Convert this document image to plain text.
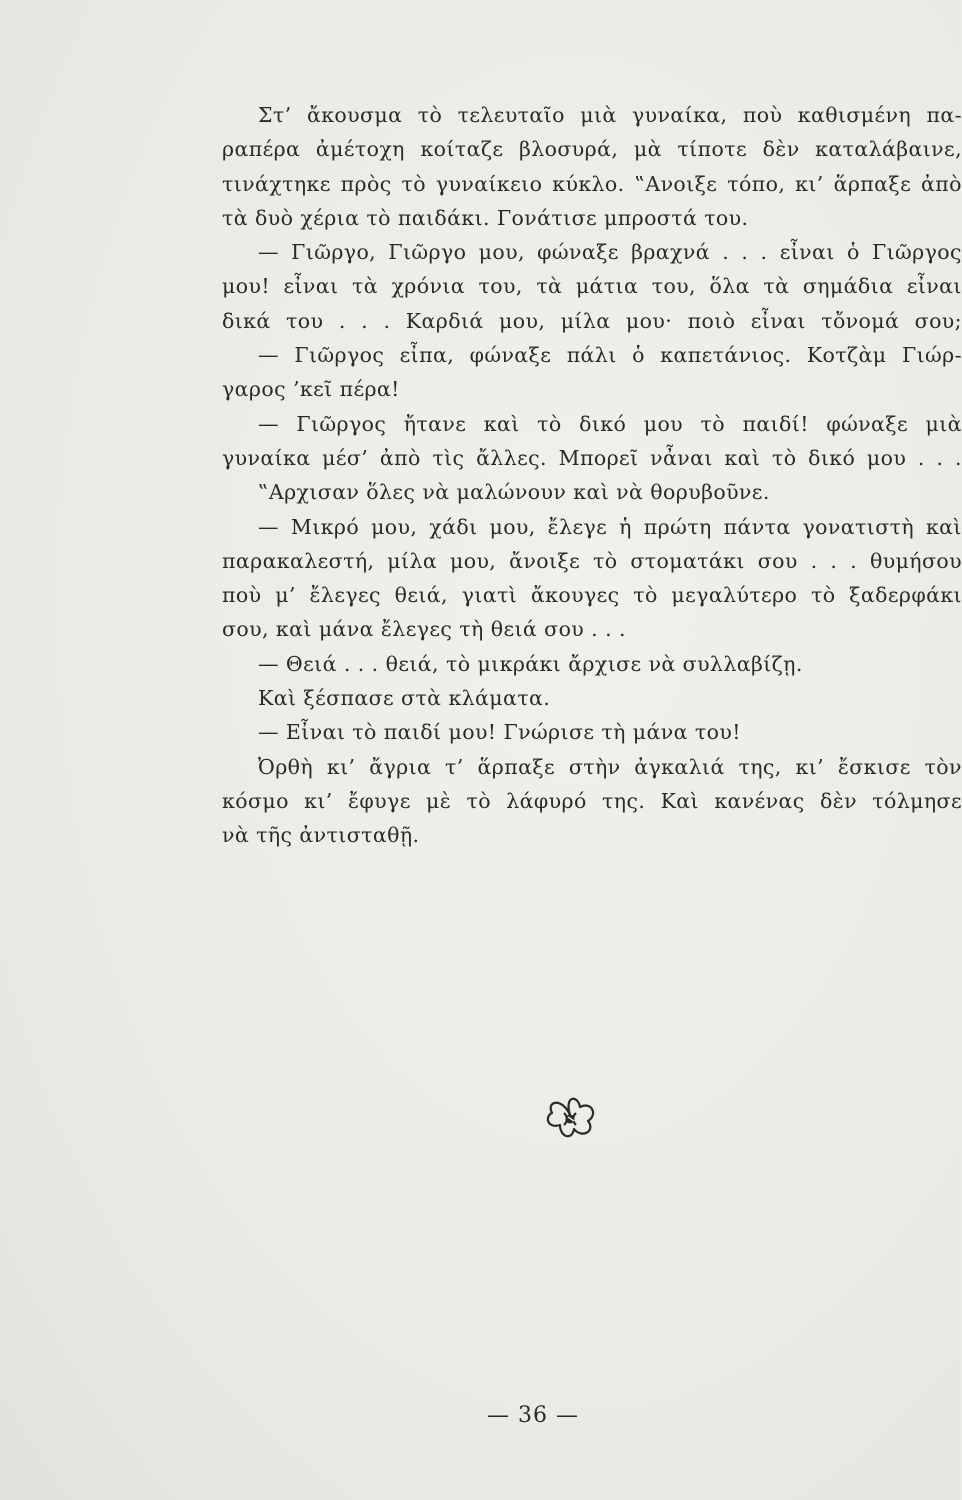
Στ’ ἄκουσμα τὸ τελευταῖο μιὰ γυναίκα, ποὺ καθισμένη πα-
ραπέρα ἀμέτοχη κοίταζε βλοσυρά, μὰ τίποτε δὲν καταλάβαινε,
τινάχτηκε πρὸς τὸ γυναίκειο κύκλο. ‟Ανοιξε τόπο, κι’ ἅρπαξε ἀπὸ
τὰ δυὸ χέρια τὸ παιδάκι. Γονάτισε μπροστά του.
— Γιῶργο, Γιῶργο μου, φώναξε βραχνά . . . εἶναι ὁ Γιῶργος
μου! εἶναι τὰ χρόνια του, τὰ μάτια του, ὅλα τὰ σημάδια εἶναι
δικά του . . . Καρδιά μου, μίλα μου· ποιὸ εἶναι τὄνομά σου;
— Γιῶργος εἶπα, φώναξε πάλι ὁ καπετάνιος. Κοτζὰμ Γιώρ-
γαρος ’κεῖ πέρα!
— Γιῶργος ἤτανε καὶ τὸ δικό μου τὸ παιδί! φώναξε μιὰ
γυναίκα μέσ’ ἀπὸ τὶς ἄλλες. Μπορεῖ νἆναι καὶ τὸ δικό μου . . .
‟Αρχισαν ὅλες νὰ μαλώνουν καὶ νὰ θορυβοῦνε.
— Μικρό μου, χάδι μου, ἔλεγε ἡ πρώτη πάντα γονατιστὴ καὶ
παρακαλεστή, μίλα μου, ἄνοιξε τὸ στοματάκι σου . . . θυμήσου
ποὺ μ’ ἔλεγες θειά, γιατὶ ἄκουγες τὸ μεγαλύτερο τὸ ξαδερφάκι
σου, καὶ μάνα ἔλεγες τὴ θειά σου . . .
— Θειά . . . θειά, τὸ μικράκι ἄρχισε νὰ συλλαβίζῃ.
Καὶ ξέσπασε στὰ κλάματα.
— Εἶναι τὸ παιδί μου! Γνώρισε τὴ μάνα του!
Ὀρθὴ κι’ ἄγρια τ’ ἅρπαξε στὴν ἀγκαλιά της, κι’ ἔσκισε τὸν
κόσμο κι’ ἔφυγε μὲ τὸ λάφυρό της. Καὶ κανένας δὲν τόλμησε
νὰ τῆς ἀντισταθῇ.
— 36 —
